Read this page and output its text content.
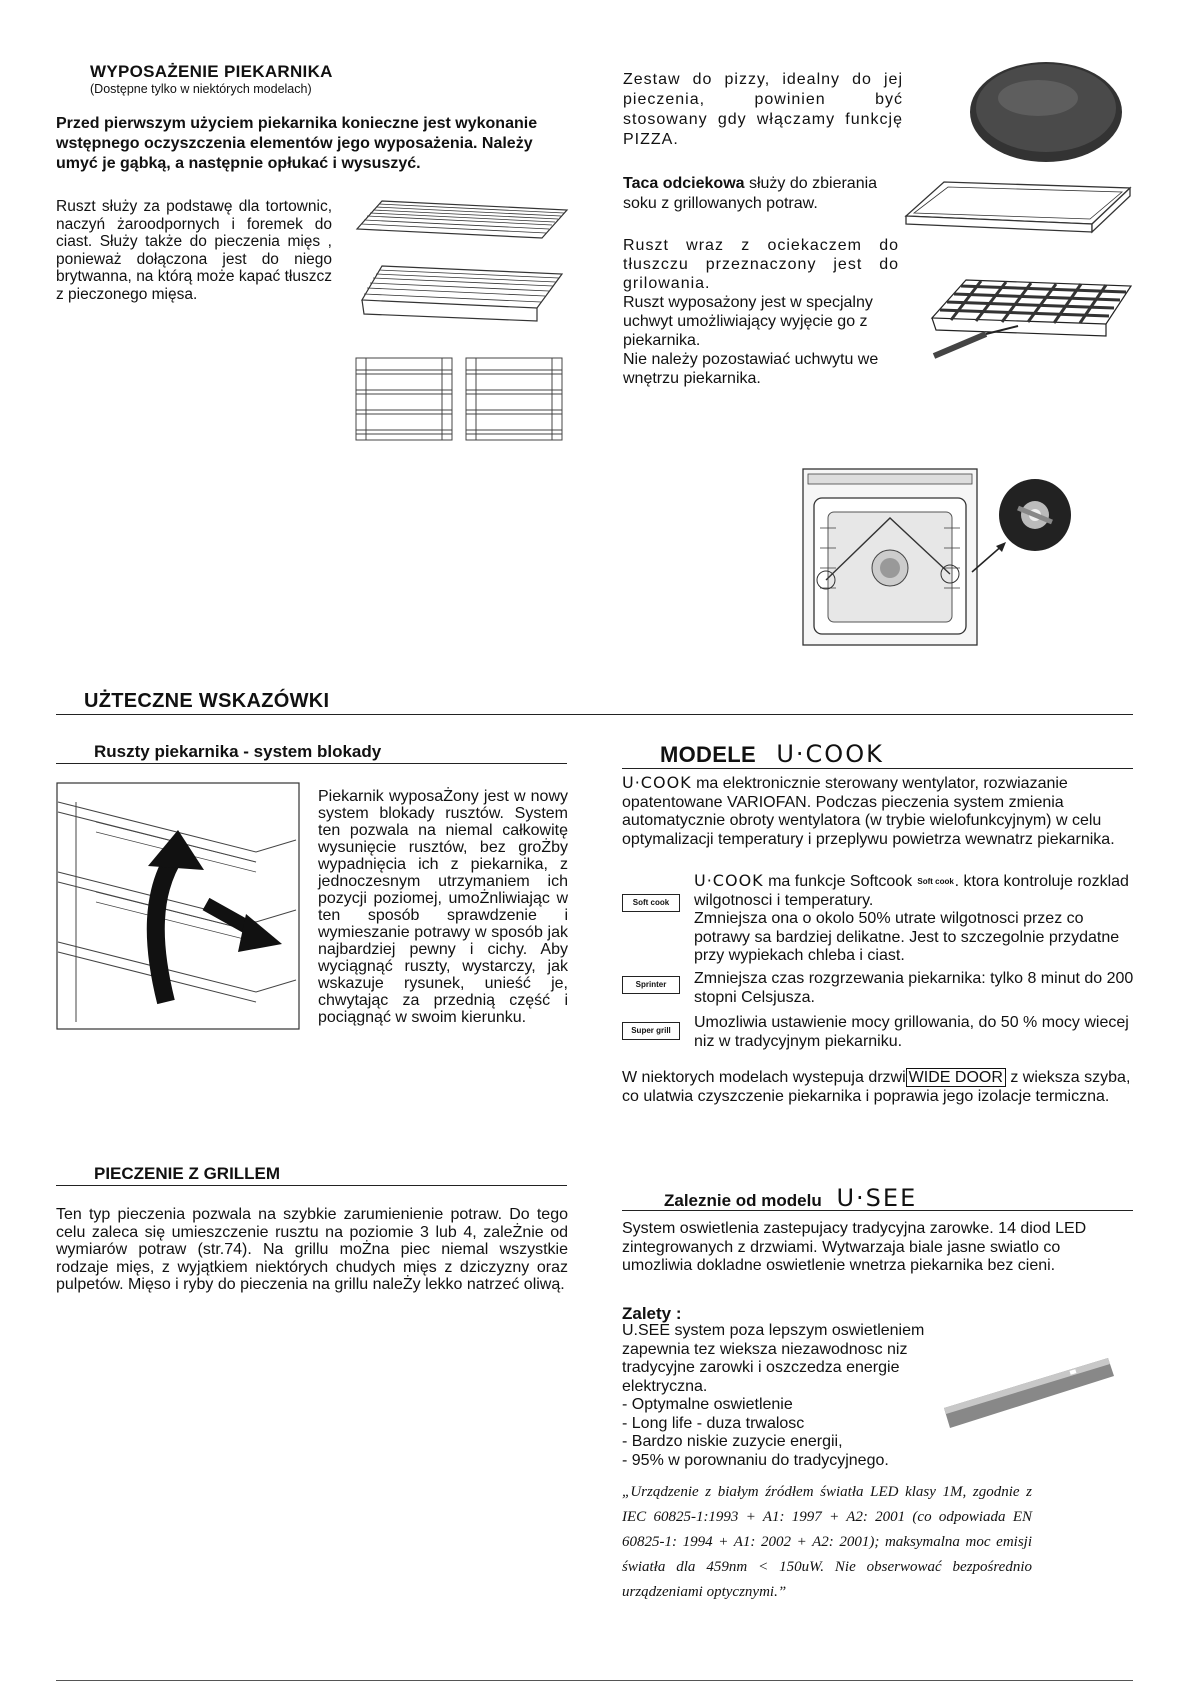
WYPOSAŻENIE PIEKARNIKA
(Dostępne tylko w niektórych modelach)
Przed pierwszym użyciem piekarnika konieczne jest wykonanie wstępnego oczyszczenia elementów jego wyposażenia. Należy umyć je gąbką, a następnie opłukać i wysuszyć.
Ruszt służy za podstawę dla tortownic, naczyń żaroodpornych i foremek do ciast. Służy także do pieczenia mięs , ponieważ dołączona jest do niego brytwanna, na którą może kapać tłuszcz z pieczonego mięsa.
Zestaw do pizzy, idealny do jej pieczenia, powinien być stosowany gdy włączamy funkcję PIZZA.
Taca odciekowa służy do zbierania soku z grillowanych potraw.
Ruszt wraz z ociekaczem do tłuszczu przeznaczony jest do grilowania.
Ruszt wyposażony jest w specjalny uchwyt umożliwiający wyjęcie go z piekarnika.
Nie należy pozostawiać uchwytu we wnętrzu piekarnika.
UŻTECZNE WSKAZÓWKI
Ruszty piekarnika - system blokady
Piekarnik wyposaŻony jest w nowy system blokady rusztów. System ten pozwala na niemal całkowitę wysunięcie rusztów, bez groŻby wypadnięcia ich z piekarnika, z jednoczesnym utrzymaniem ich pozycji poziomej, umoŻnliwiając w ten sposób sprawdzenie i wymieszanie potrawy w sposób jak najbardziej pewny i cichy. Aby wyciągnąć ruszty, wystarczy, jak wskazuje rysunek, unieść je, chwytając za przednią część i pociągnąć w swoim kierunku.
PIECZENIE Z GRILLEM
Ten typ pieczenia pozwala na szybkie zarumienienie potraw. Do tego celu zaleca się umieszczenie rusztu na poziomie 3 lub 4, zaleŻnie od wymiarów potraw (str.74). Na grillu moŻna piec niemal wszystkie rodzaje mięs, z wyjątkiem niektórych chudych mięs z dziczyzny oraz pulpetów. Mięso i ryby do pieczenia na grillu naleŻy lekko natrzeć oliwą.
MODELE U·COOK
U·COOK ma elektronicznie sterowany wentylator, rozwiazanie opatentowane VARIOFAN. Podczas pieczenia system zmienia automatycznie obroty wentylatora (w trybie wielofunkcyjnym) w celu optymalizacji temperatury i przeplywu powietrza wewnatrz piekarnika.
U·COOK ma funkcje Softcook Soft cook. ktora kontroluje rozklad wilgotnosci i temperatury.
Zmniejsza ona o okolo 50% utrate wilgotnosci przez co potrawy sa bardziej delikatne. Jest to szczegolnie przydatne przy wypiekach chleba i ciast.
Soft cook
Sprinter	Zmniejsza czas rozgrzewania piekarnika: tylko 8 minut do 200 stopni Celsjusza.
Super grill	Umozliwia ustawienie mocy grillowania, do 50 % mocy wiecej niz w tradycyjnym piekarniku.
W niektorych modelach wystepuja drzwi WIDE DOOR z wieksza szyba, co ulatwia czyszczenie piekarnika i poprawia jego izolacje termiczna.
Zaleznie od modelu U·SEE
System oswietlenia zastepujacy tradycyjna zarowke. 14 diod LED zintegrowanych z drzwiami. Wytwarzaja biale jasne swiatlo co umozliwia dokladne oswietlenie wnetrza piekarnika bez cieni.
Zalety :
U.SEE system poza lepszym oswietleniem zapewnia tez wieksza niezawodnosc niz tradycyjne zarowki i oszczedza energie elektryczna.
- Optymalne oswietlenie
- Long life - duza trwalosc
- Bardzo niskie zuzycie energii,
- 95% w porownaniu do tradycyjnego.
„Urządzenie z białym źródłem światła LED klasy 1M, zgodnie z IEC 60825-1:1993 + A1: 1997 + A2: 2001 (co odpowiada EN 60825-1: 1994 + A1: 2002 + A2: 2001); maksymalna moc emisji światła dla 459nm < 150uW. Nie obserwować bezpośrednio urządzeniami optycznymi.”
